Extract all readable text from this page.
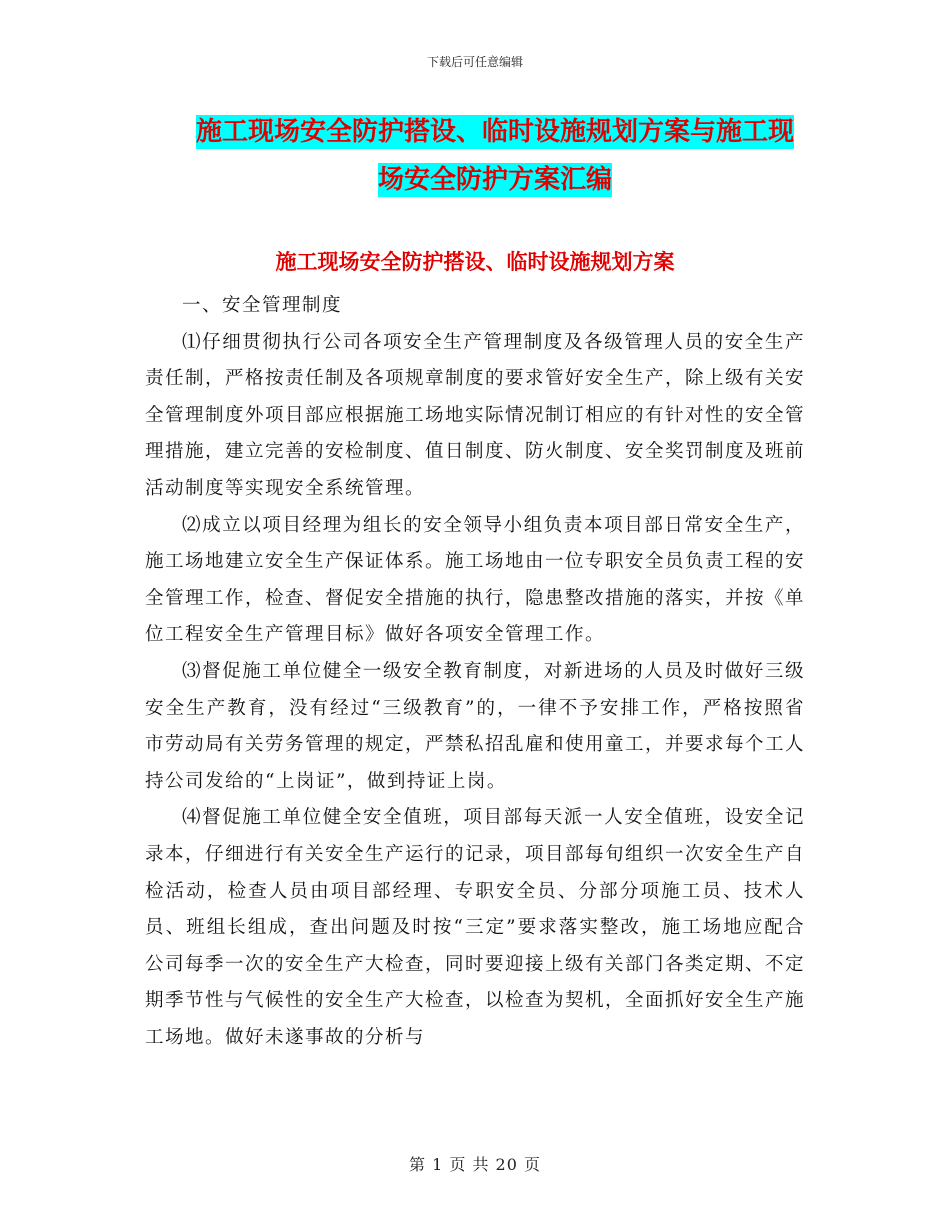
下载后可任意编辑
施工现场安全防护搭设、临时设施规划方案与施工现
场安全防护方案汇编
施工现场安全防护搭设、临时设施规划方案

一、安全管理制度

⑴仔细贯彻执行公司各项安全生产管理制度及各级管理人员的安全生产责任制，严格按责任制及各项规章制度的要求管好安全生产，除上级有关安全管理制度外项目部应根据施工场地实际情况制订相应的有针对性的安全管理措施，建立完善的安检制度、值日制度、防火制度、安全奖罚制度及班前活动制度等实现安全系统管理。

⑵成立以项目经理为组长的安全领导小组负责本项目部日常安全生产，施工场地建立安全生产保证体系。施工场地由一位专职安全员负责工程的安全管理工作，检查、督促安全措施的执行，隐患整改措施的落实，并按《单位工程安全生产管理目标》做好各项安全管理工作。

⑶督促施工单位健全一级安全教育制度，对新进场的人员及时做好三级安全生产教育，没有经过“三级教育”的，一律不予安排工作，严格按照省市劳动局有关劳务管理的规定，严禁私招乱雇和使用童工，并要求每个工人持公司发给的“上岗证”，做到持证上岗。

⑷督促施工单位健全安全值班，项目部每天派一人安全值班，设安全记录本，仔细进行有关安全生产运行的记录，项目部每旬组织一次安全生产自检活动，检查人员由项目部经理、专职安全员、分部分项施工员、技术人员、班组长组成，查出问题及时按“三定”要求落实整改，施工场地应配合公司每季一次的安全生产大检查，同时要迎接上级有关部门各类定期、不定期季节性与气候性的安全生产大检查，以检查为契机，全面抓好安全生产施工场地。做好未遂事故的分析与

第 1 页 共 20 页
